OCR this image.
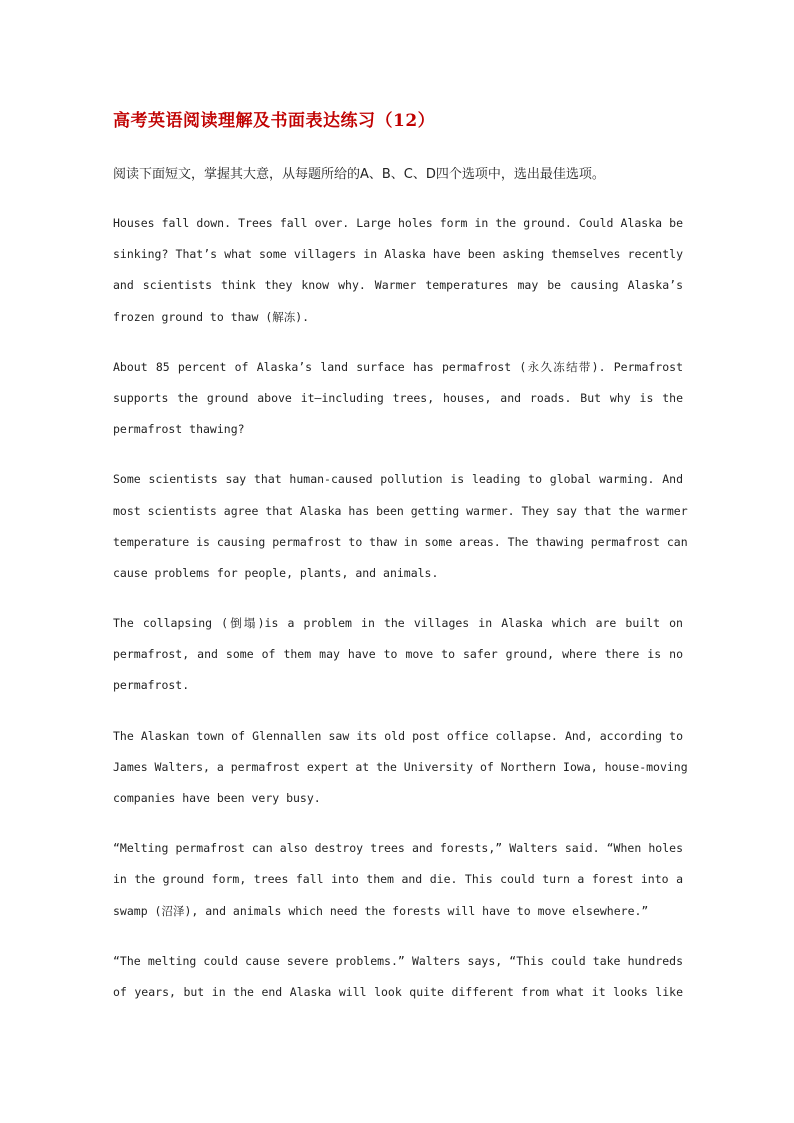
高考英语阅读理解及书面表达练习（12）
阅读下面短文，掌握其大意，从每题所给的A、B、C、D四个选项中，选出最佳选项。
Houses fall down. Trees fall over. Large holes form in the ground. Could Alaska be
sinking? That’s what some villagers in Alaska have been asking themselves recently
and scientists think they know why. Warmer temperatures may be causing Alaska’s
frozen ground to thaw (解冻).
About 85 percent of Alaska’s land surface has permafrost (永久冻结带). Permafrost
supports the ground above it—including trees, houses, and roads. But why is the
permafrost thawing?
Some scientists say that human-caused pollution is leading to global warming. And
most scientists agree that Alaska has been getting warmer. They say that the warmer
temperature is causing permafrost to thaw in some areas. The thawing permafrost can
cause problems for people, plants, and animals.
The collapsing (倒塌)is a problem in the villages in Alaska which are built on
permafrost, and some of them may have to move to safer ground, where there is no
permafrost.
The Alaskan town of Glennallen saw its old post office collapse. And, according to
James Walters, a permafrost expert at the University of Northern Iowa, house-moving
companies have been very busy.
“Melting permafrost can also destroy trees and forests,” Walters said. “When holes
in the ground form, trees fall into them and die. This could turn a forest into a
swamp (沼泽), and animals which need the forests will have to move elsewhere.”
“The melting could cause severe problems.” Walters says, “This could take hundreds
of years, but in the end Alaska will look quite different from what it looks like
